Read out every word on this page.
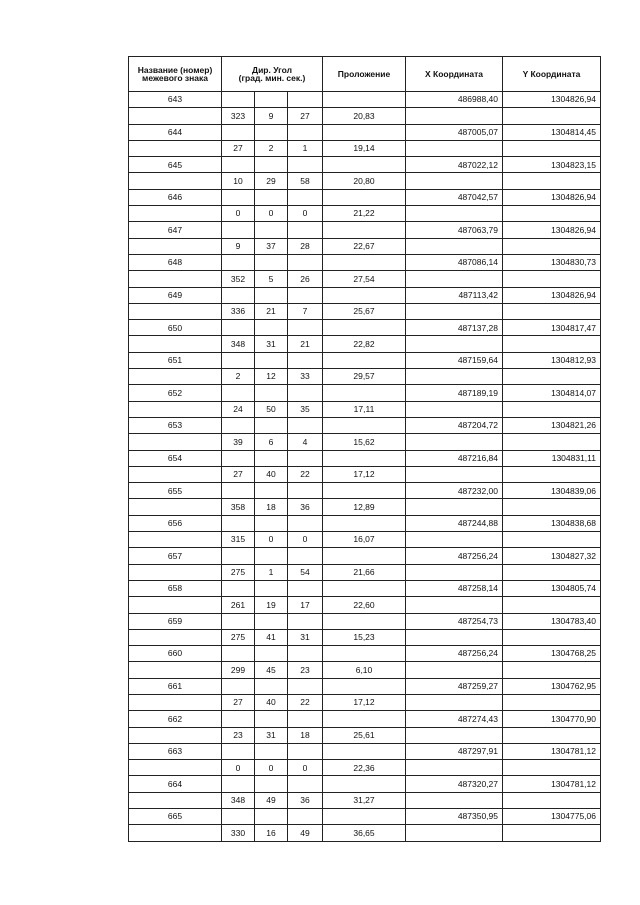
Название (номер)
межевого знака	Дир. Угол
(град. мин. сек.)			Проложение	X Координата	Y Координата
643					486988,40	1304826,94
	323	9	27	20,83		
644					487005,07	1304814,45
	27	2	1	19,14		
645					487022,12	1304823,15
	10	29	58	20,80		
646					487042,57	1304826,94
	0	0	0	21,22		
647					487063,79	1304826,94
	9	37	28	22,67		
648					487086,14	1304830,73
	352	5	26	27,54		
649					487113,42	1304826,94
	336	21	7	25,67		
650					487137,28	1304817,47
	348	31	21	22,82		
651					487159,64	1304812,93
	2	12	33	29,57		
652					487189,19	1304814,07
	24	50	35	17,11		
653					487204,72	1304821,26
	39	6	4	15,62		
654					487216,84	1304831,11
	27	40	22	17,12		
655					487232,00	1304839,06
	358	18	36	12,89		
656					487244,88	1304838,68
	315	0	0	16,07		
657					487256,24	1304827,32
	275	1	54	21,66		
658					487258,14	1304805,74
	261	19	17	22,60		
659					487254,73	1304783,40
	275	41	31	15,23		
660					487256,24	1304768,25
	299	45	23	6,10		
661					487259,27	1304762,95
	27	40	22	17,12		
662					487274,43	1304770,90
	23	31	18	25,61		
663					487297,91	1304781,12
	0	0	0	22,36		
664					487320,27	1304781,12
	348	49	36	31,27		
665					487350,95	1304775,06
	330	16	49	36,65		
